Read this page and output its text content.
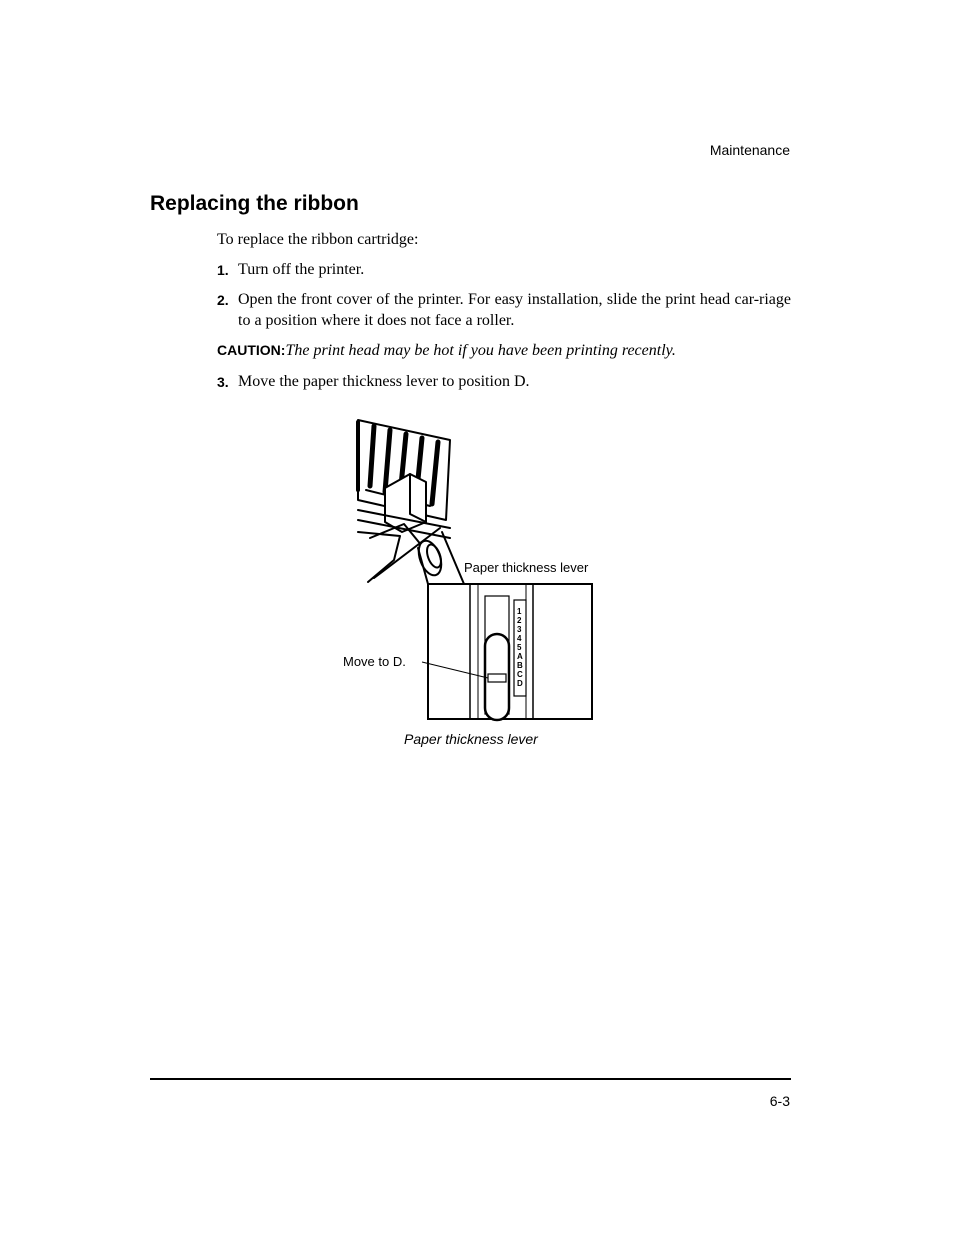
Maintenance
Replacing the ribbon
To replace the ribbon cartridge:
1. Turn off the printer.
2. Open the front cover of the printer. For easy installation, slide the print head car-riage to a position where it does not face a roller.
CAUTION:The print head may be hot if you have been printing recently.
3. Move the paper thickness lever to position D.
1
2
3
4
5
A
B
C
D
Paper thickness lever
Move to D.
Paper thickness lever
6-3
